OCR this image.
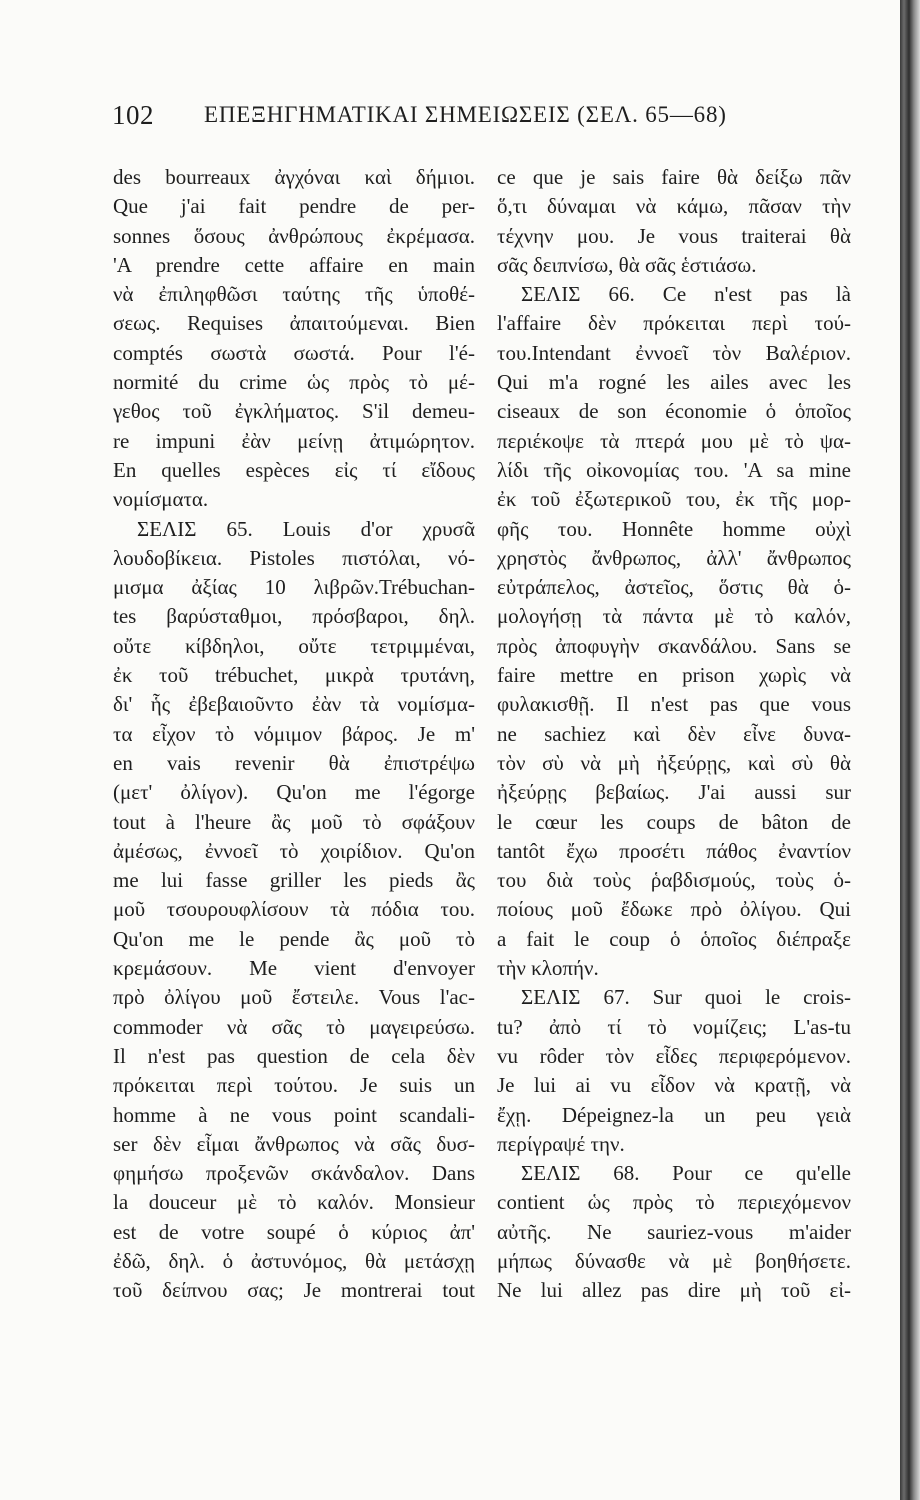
102 ΕΠΕΞΗΓΗΜΑΤΙΚΑΙ ΣΗΜΕΙΩΣΕΙΣ (ΣΕΛ. 65—68)
des bourreaux ἀγχόναι καὶ δήμιοι.
Que j'ai fait pendre de per-
sonnes ὅσους ἀνθρώπους ἐκρέμασα.
'A prendre cette affaire en main
νὰ ἐπιληφθῶσι ταύτης τῆς ὑποθέ-
σεως. Requises ἀπαιτούμεναι. Bien
comptés σωστὰ σωστά. Pour l'é-
normité du crime ὡς πρὸς τὸ μέ-
γεθος τοῦ ἐγκλήματος. S'il demeu-
re impuni ἐὰν μείνῃ ἀτιμώρητον.
En quelles espèces εἰς τί εἴδους
νομίσματα.
ΣΕΛΙΣ 65. Louis d'or χρυσᾶ
λουδοβίκεια. Pistoles πιστόλαι, νό-
μισμα ἀξίας 10 λιβρῶν.Trébuchan-
tes βαρύσταθμοι, πρόσβαροι, δηλ.
οὔτε κίβδηλοι, οὔτε τετριμμέναι,
ἐκ τοῦ trébuchet, μικρὰ τρυτάνη,
δι' ἧς ἐβεβαιοῦντο ἐὰν τὰ νομίσμα-
τα εἶχον τὸ νόμιμον βάρος. Je m'
en vais revenir θὰ ἐπιστρέψω
(μετ' ὀλίγον). Qu'on me l'égorge
tout à l'heure ἂς μοῦ τὸ σφάξουν
ἀμέσως, ἐννοεῖ τὸ χοιρίδιον. Qu'on
me lui fasse griller les pieds ἂς
μοῦ τσουρουφλίσουν τὰ πόδια του.
Qu'on me le pende ἂς μοῦ τὸ
κρεμάσουν. Me vient d'envoyer
πρὸ ὀλίγου μοῦ ἔστειλε. Vous l'ac-
commoder νὰ σᾶς τὸ μαγειρεύσω.
Il n'est pas question de cela δὲν
πρόκειται περὶ τούτου. Je suis un
homme à ne vous point scandali-
ser δὲν εἶμαι ἄνθρωπος νὰ σᾶς δυσ-
φημήσω προξενῶν σκάνδαλον. Dans
la douceur μὲ τὸ καλόν. Monsieur
est de votre soupé ὁ κύριος ἀπ'
ἐδῶ, δηλ. ὁ ἀστυνόμος, θὰ μετάσχῃ
τοῦ δείπνου σας; Je montrerai tout
ce que je sais faire θὰ δείξω πᾶν
ὅ,τι δύναμαι νὰ κάμω, πᾶσαν τὴν
τέχνην μου. Je vous traiterai θὰ
σᾶς δειπνίσω, θὰ σᾶς ἑστιάσω.
ΣΕΛΙΣ 66. Ce n'est pas là
l'affaire δὲν πρόκειται περὶ τού-
του.Intendant ἐννοεῖ τὸν Βαλέριον.
Qui m'a rogné les ailes avec les
ciseaux de son économie ὁ ὁποῖος
περιέκοψε τὰ πτερά μου μὲ τὸ ψα-
λίδι τῆς οἰκονομίας του. 'A sa mine
ἐκ τοῦ ἐξωτερικοῦ του, ἐκ τῆς μορ-
φῆς του. Honnête homme οὐχὶ
χρηστὸς ἄνθρωπος, ἀλλ' ἄνθρωπος
εὐτράπελος, ἀστεῖος, ὅστις θὰ ὁ-
μολογήσῃ τὰ πάντα μὲ τὸ καλόν,
πρὸς ἀποφυγὴν σκανδάλου. Sans se
faire mettre en prison χωρὶς νὰ
φυλακισθῇ. Il n'est pas que vous
ne sachiez καὶ δὲν εἶνε δυνα-
τὸν σὺ νὰ μὴ ἠξεύρῃς, καὶ σὺ θὰ
ἠξεύρῃς βεβαίως. J'ai aussi sur
le cœur les coups de bâton de
tantôt ἔχω προσέτι πάθος ἐναντίον
του διὰ τοὺς ῥαβδισμούς, τοὺς ὁ-
ποίους μοῦ ἔδωκε πρὸ ὀλίγου. Qui
a fait le coup ὁ ὁποῖος διέπραξε
τὴν κλοπήν.
ΣΕΛΙΣ 67. Sur quoi le crois-
tu? ἀπὸ τί τὸ νομίζεις; L'as-tu
vu rôder τὸν εἶδες περιφερόμενον.
Je lui ai vu εἶδον νὰ κρατῇ, νὰ
ἔχῃ. Dépeignez-la un peu γειὰ
περίγραψέ την.
ΣΕΛΙΣ 68. Pour ce qu'elle
contient ὡς πρὸς τὸ περιεχόμενον
αὐτῆς. Ne sauriez-vous m'aider
μήπως δύνασθε νὰ μὲ βοηθήσετε.
Ne lui allez pas dire μὴ τοῦ εἰ-
